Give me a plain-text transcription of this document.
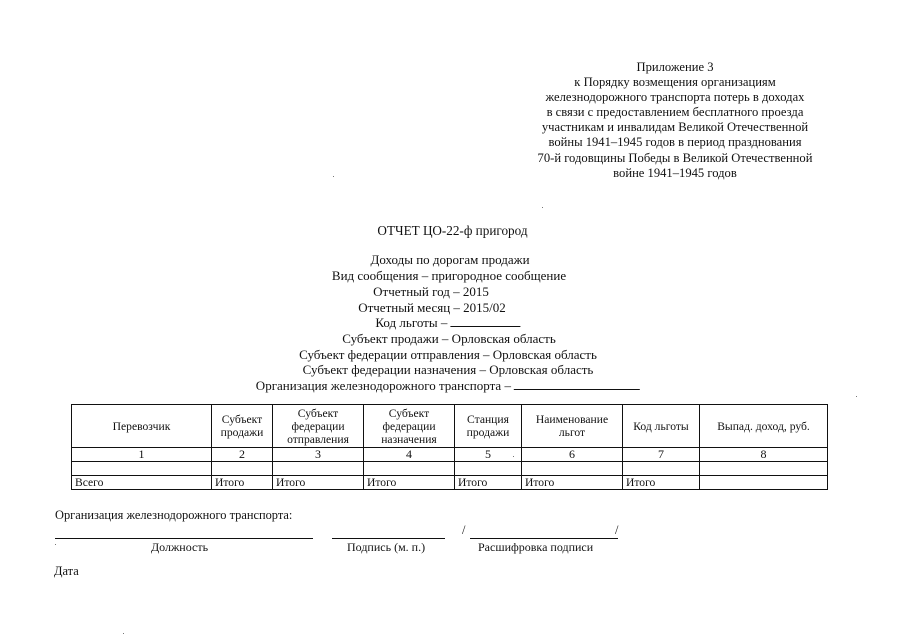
Приложение 3
к Порядку возмещения организациям
железнодорожного транспорта потерь в доходах
в связи с предоставлением бесплатного проезда
участникам и инвалидам Великой Отечественной
войны 1941–1945 годов в период празднования
70-й годовщины Победы в Великой Отечественной
войне 1941–1945 годов
ОТЧЕТ ЦО-22-ф пригород
Доходы по дорогам продажи
Вид сообщения – пригородное сообщение
Отчетный год – 2015
Отчетный месяц – 2015/02
Код льготы –
Субъект продажи – Орловская область
Субъект федерации отправления – Орловская область
Субъект федерации назначения – Орловская область
Организация железнодорожного транспорта –
Перевозчик	Субъект продажи	Субъект федерации отправления	Субъект федерации назначения	Станция продажи	Наименование льгот	Код льготы	Выпад. доход, руб.
1	2	3	4	5	6	7	8

Всего	Итого	Итого	Итого	Итого	Итого	Итого	
Организация железнодорожного транспорта:
/	/
Должность	Подпись (м. п.)	Расшифровка подписи
Дата
